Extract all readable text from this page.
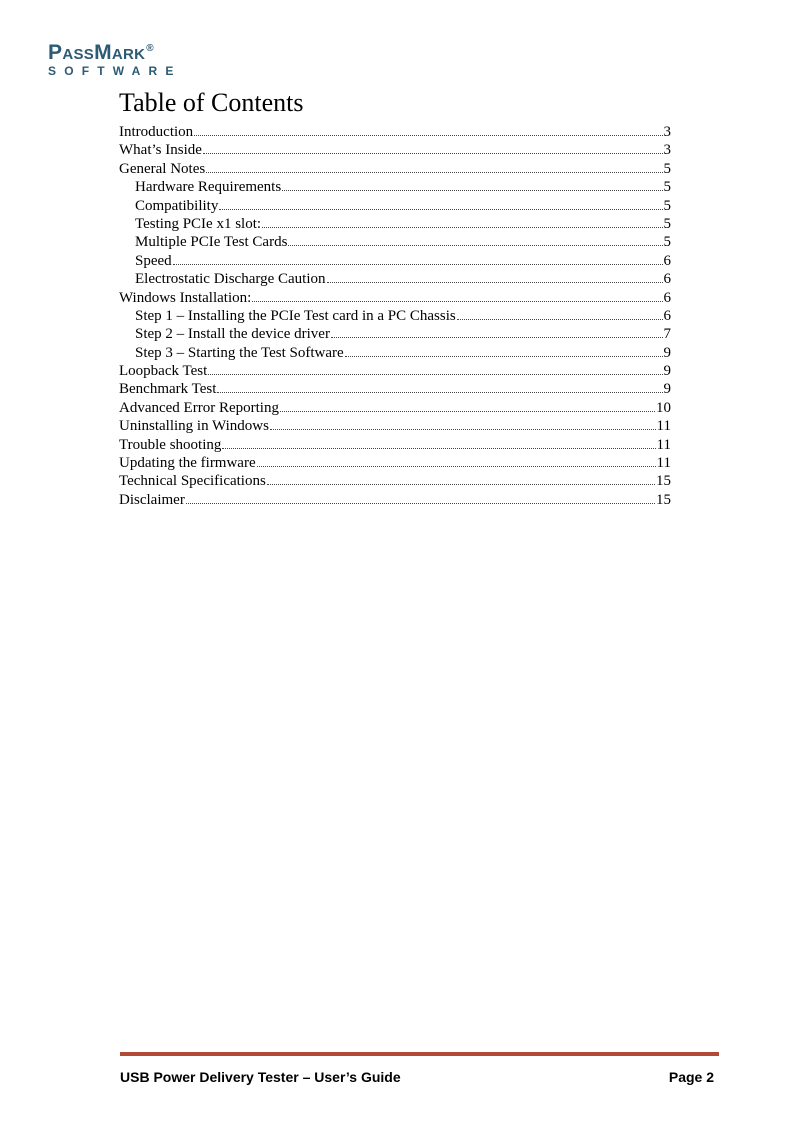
PASSMARK®
SOFTWARE
Table of Contents
Introduction	3
What’s Inside	3
General Notes	5
Hardware Requirements	5
Compatibility	5
Testing PCIe x1 slot:	5
Multiple PCIe Test Cards	5
Speed	6
Electrostatic Discharge Caution	6
Windows Installation:	6
Step 1 – Installing the PCIe Test card in a PC Chassis	6
Step 2 – Install the device driver	7
Step 3 – Starting the Test Software	9
Loopback Test	9
Benchmark Test	9
Advanced Error Reporting	10
Uninstalling in Windows	11
Trouble shooting	11
Updating the firmware	11
Technical Specifications	15
Disclaimer	15
USB Power Delivery Tester – User’s Guide	Page 2
